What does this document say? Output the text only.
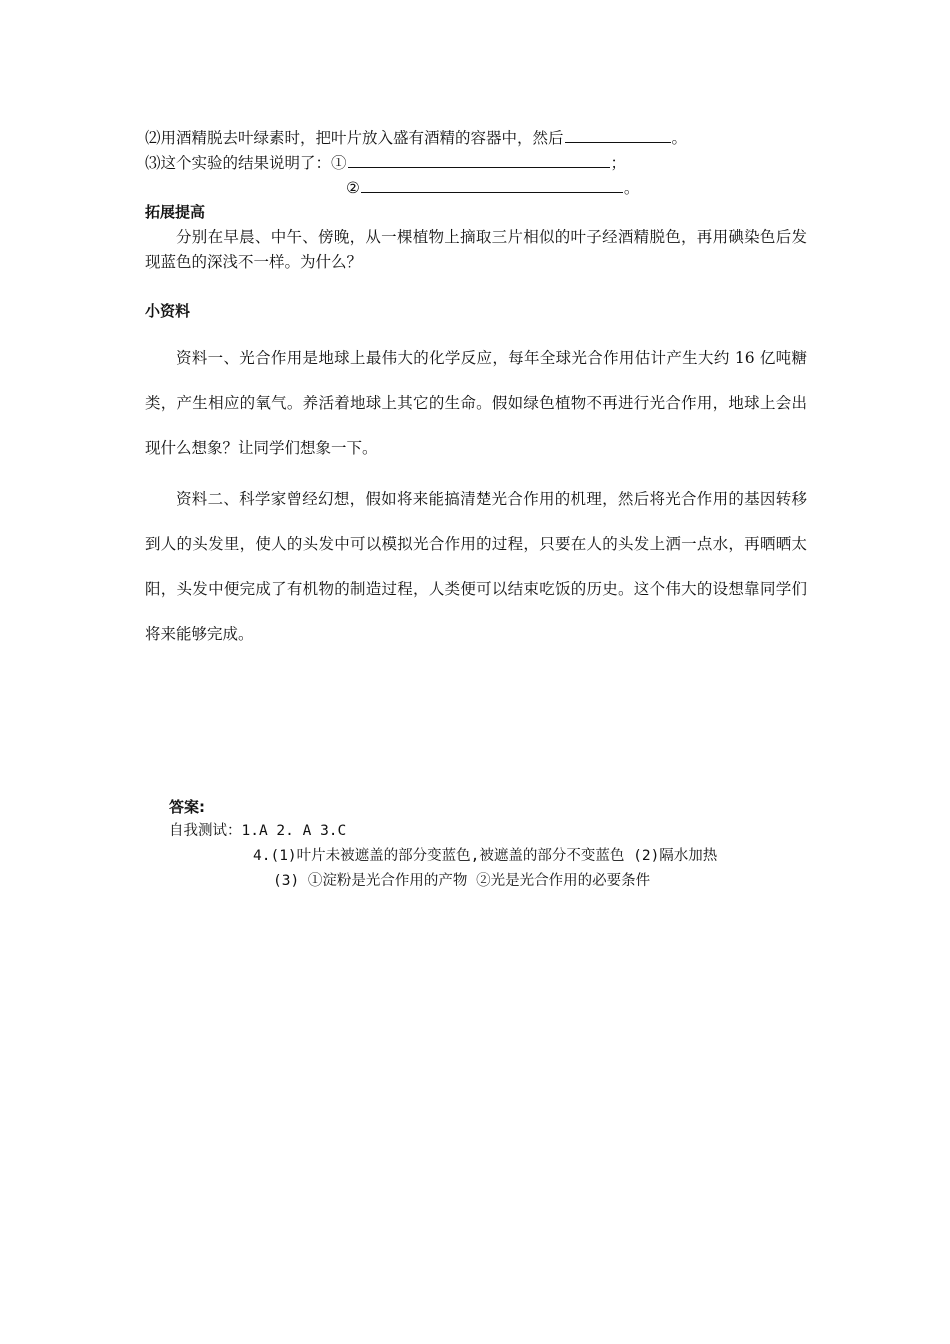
⑵用酒精脱去叶绿素时，把叶片放入盛有酒精的容器中，然后	。
⑶这个实验的结果说明了：①	；
②	。
拓展提高
分别在早晨、中午、傍晚，从一棵植物上摘取三片相似的叶子经酒精脱色，再用碘染色后发现蓝色的深浅不一样。为什么？
小资料
资料一、光合作用是地球上最伟大的化学反应，每年全球光合作用估计产生大约 16 亿吨糖类，产生相应的氧气。养活着地球上其它的生命。假如绿色植物不再进行光合作用，地球上会出现什么想象？让同学们想象一下。
资料二、科学家曾经幻想，假如将来能搞清楚光合作用的机理，然后将光合作用的基因转移到人的头发里，使人的头发中可以模拟光合作用的过程，只要在人的头发上洒一点水，再晒晒太阳，头发中便完成了有机物的制造过程，人类便可以结束吃饭的历史。这个伟大的设想靠同学们将来能够完成。
答案:
自我测试：1.A 2. A 3.C
4.(1)叶片未被遮盖的部分变蓝色,被遮盖的部分不变蓝色 (2)隔水加热
(3) ①淀粉是光合作用的产物 ②光是光合作用的必要条件
